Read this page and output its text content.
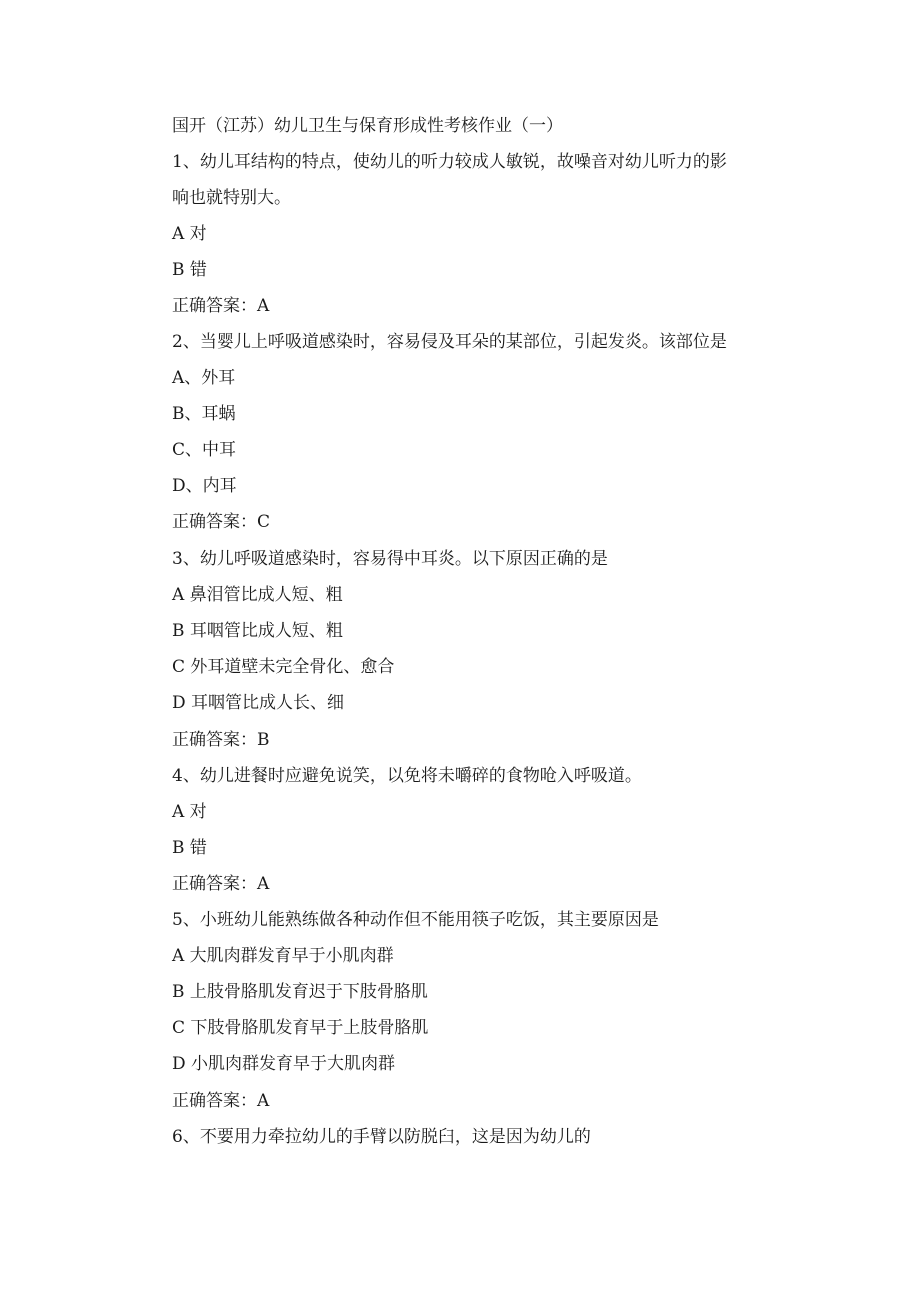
国开（江苏）幼儿卫生与保育形成性考核作业（一）
1、幼儿耳结构的特点，使幼儿的听力较成人敏锐，故噪音对幼儿听力的影
响也就特别大。
A 对
B 错
正确答案：A
2、当婴儿上呼吸道感染时，容易侵及耳朵的某部位，引起发炎。该部位是
A、外耳
B、耳蜗
C、中耳
D、内耳
正确答案：C
3、幼儿呼吸道感染时，容易得中耳炎。以下原因正确的是
A 鼻泪管比成人短、粗
B 耳咽管比成人短、粗
C 外耳道壁未完全骨化、愈合
D 耳咽管比成人长、细
正确答案：B
4、幼儿进餐时应避免说笑，以免将未嚼碎的食物呛入呼吸道。
A 对
B 错
正确答案：A
5、小班幼儿能熟练做各种动作但不能用筷子吃饭，其主要原因是
A 大肌肉群发育早于小肌肉群
B 上肢骨胳肌发育迟于下肢骨胳肌
C 下肢骨胳肌发育早于上肢骨胳肌
D 小肌肉群发育早于大肌肉群
正确答案：A
6、不要用力牵拉幼儿的手臂以防脱臼，这是因为幼儿的
